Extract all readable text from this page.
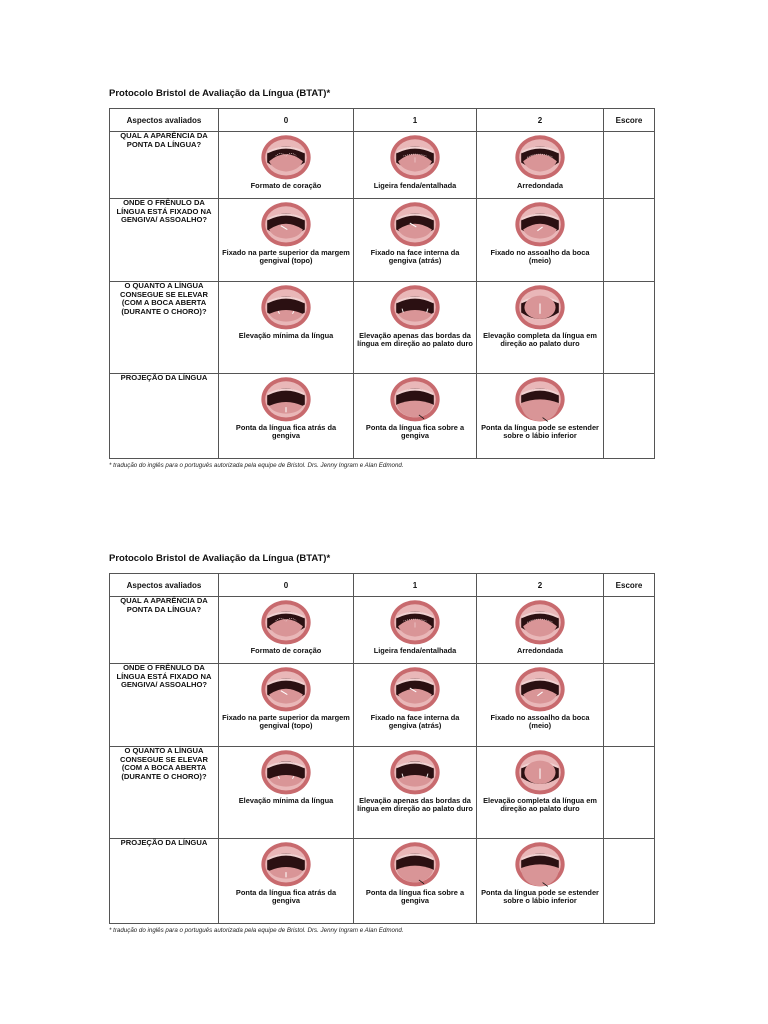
Protocolo Bristol de Avaliação da Língua (BTAT)*
Aspectos avaliados	0	1	2	Escore
QUAL A APARÊNCIA DA PONTA DA LÍNGUA?	Formato de coração	Ligeira fenda/entalhada	Arredondada	

ONDE O FRÊNULO DA LÍNGUA ESTÁ FIXADO NA GENGIVA/ ASSOALHO?	Fixado na parte superior da margem gengival (topo)	Fixado na face interna da gengiva (atrás)	Fixado no assoalho da boca (meio)	

O QUANTO A LÍNGUA CONSEGUE SE ELEVAR (COM A BOCA ABERTA (DURANTE O CHORO)?	Elevação mínima da língua	Elevação apenas das bordas da língua em direção ao palato duro	Elevação completa da língua em direção ao palato duro	

PROJEÇÃO DA LÍNGUA	Ponta da língua fica atrás da gengiva	Ponta da língua fica sobre a gengiva	Ponta da língua pode se estender sobre o lábio inferior	

* tradução do inglês para o português autorizada pela equipe de Bristol. Drs. Jenny Ingram e Alan Edmond.
Protocolo Bristol de Avaliação da Língua (BTAT)*
Aspectos avaliados	0	1	2	Escore
QUAL A APARÊNCIA DA PONTA DA LÍNGUA?	Formato de coração	Ligeira fenda/entalhada	Arredondada	

ONDE O FRÊNULO DA LÍNGUA ESTÁ FIXADO NA GENGIVA/ ASSOALHO?	Fixado na parte superior da margem gengival (topo)	Fixado na face interna da gengiva (atrás)	Fixado no assoalho da boca (meio)	

O QUANTO A LÍNGUA CONSEGUE SE ELEVAR (COM A BOCA ABERTA (DURANTE O CHORO)?	Elevação mínima da língua	Elevação apenas das bordas da língua em direção ao palato duro	Elevação completa da língua em direção ao palato duro	

PROJEÇÃO DA LÍNGUA	Ponta da língua fica atrás da gengiva	Ponta da língua fica sobre a gengiva	Ponta da língua pode se estender sobre o lábio inferior	

* tradução do inglês para o português autorizada pela equipe de Bristol. Drs. Jenny Ingram e Alan Edmond.
